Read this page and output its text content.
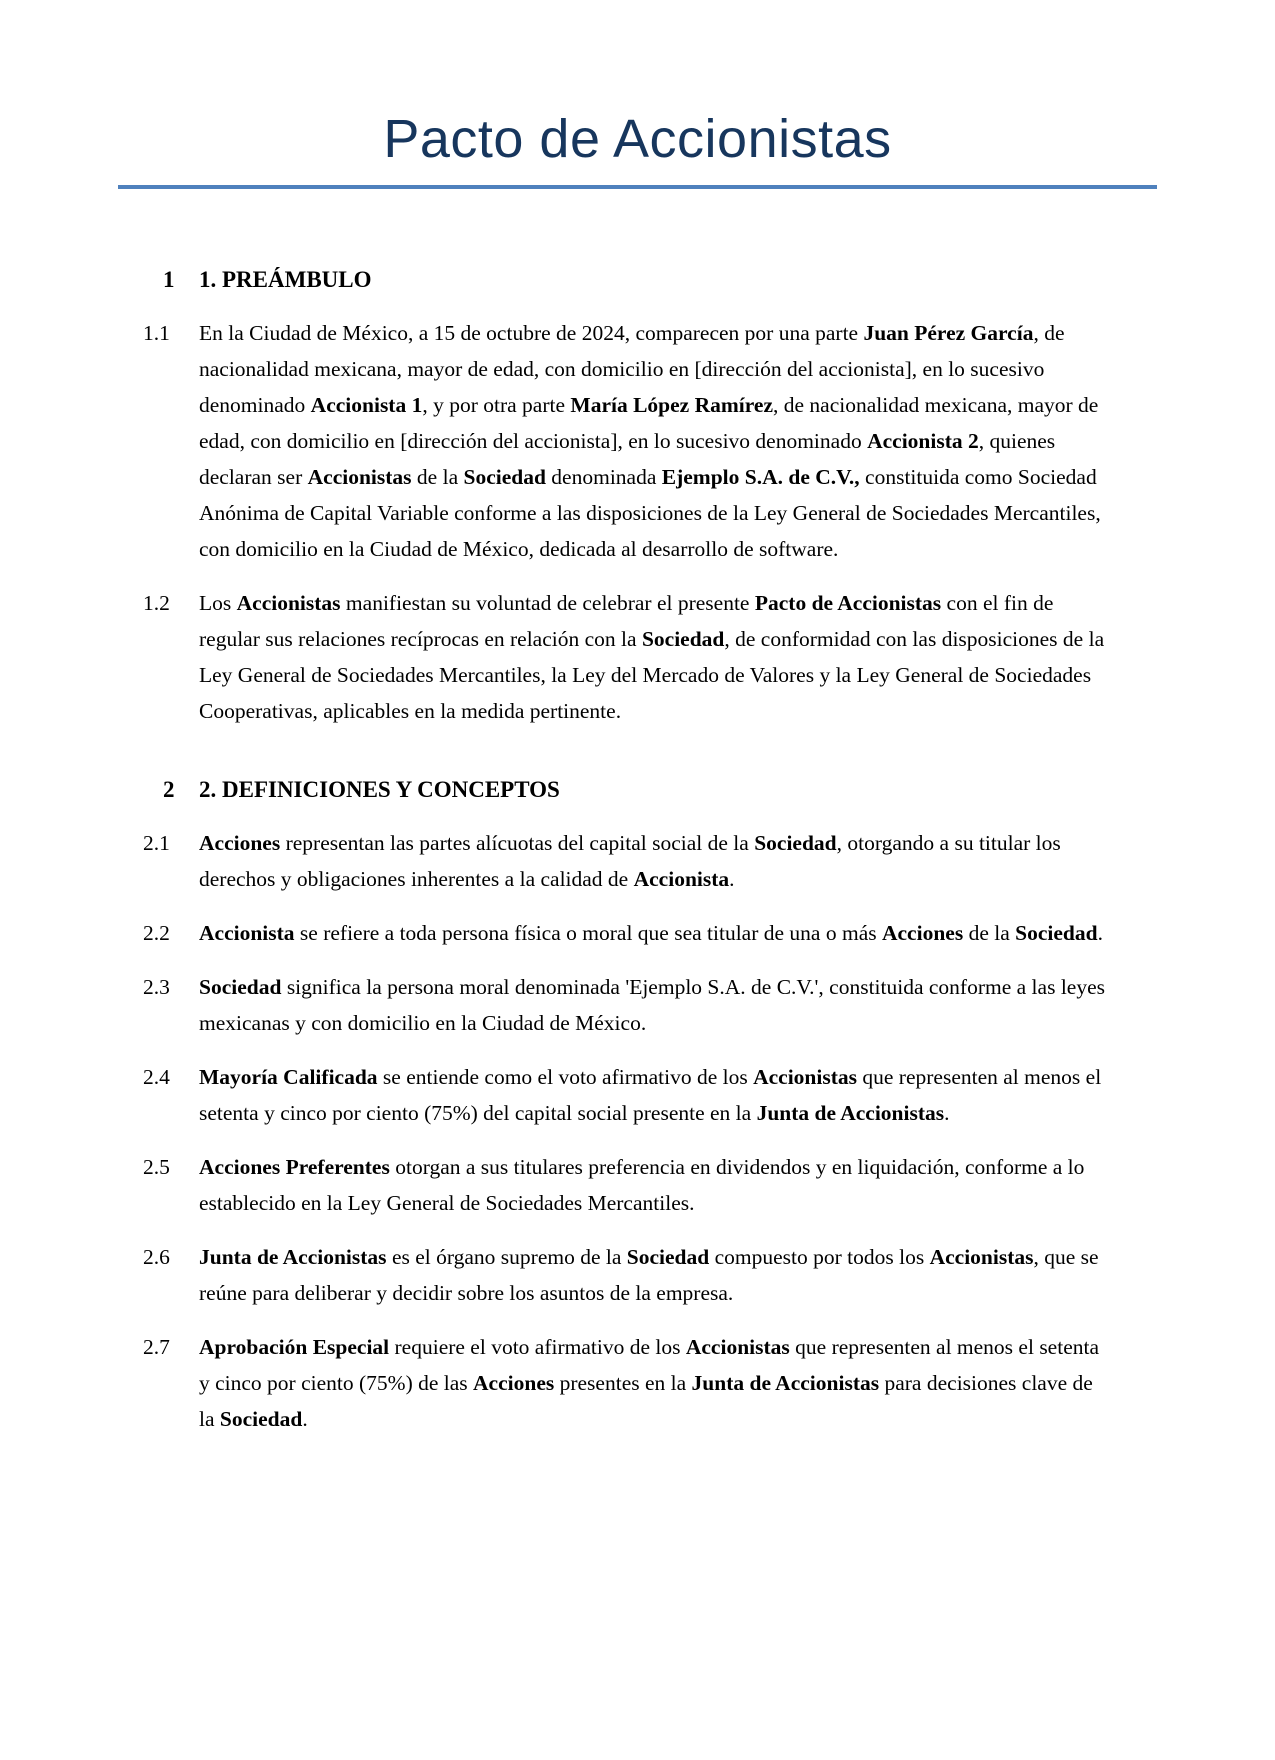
Pacto de Accionistas
1	1. PREÁMBULO
1.1	En la Ciudad de México, a 15 de octubre de 2024, comparecen por una parte Juan Pérez García, de nacionalidad mexicana, mayor de edad, con domicilio en [dirección del accionista], en lo sucesivo denominado Accionista 1, y por otra parte María López Ramírez, de nacionalidad mexicana, mayor de edad, con domicilio en [dirección del accionista], en lo sucesivo denominado Accionista 2, quienes declaran ser Accionistas de la Sociedad denominada Ejemplo S.A. de C.V., constituida como Sociedad Anónima de Capital Variable conforme a las disposiciones de la Ley General de Sociedades Mercantiles, con domicilio en la Ciudad de México, dedicada al desarrollo de software.
1.2	Los Accionistas manifiestan su voluntad de celebrar el presente Pacto de Accionistas con el fin de regular sus relaciones recíprocas en relación con la Sociedad, de conformidad con las disposiciones de la Ley General de Sociedades Mercantiles, la Ley del Mercado de Valores y la Ley General de Sociedades Cooperativas, aplicables en la medida pertinente.
2	2. DEFINICIONES Y CONCEPTOS
2.1	Acciones representan las partes alícuotas del capital social de la Sociedad, otorgando a su titular los derechos y obligaciones inherentes a la calidad de Accionista.
2.2	Accionista se refiere a toda persona física o moral que sea titular de una o más Acciones de la Sociedad.
2.3	Sociedad significa la persona moral denominada 'Ejemplo S.A. de C.V.', constituida conforme a las leyes mexicanas y con domicilio en la Ciudad de México.
2.4	Mayoría Calificada se entiende como el voto afirmativo de los Accionistas que representen al menos el setenta y cinco por ciento (75%) del capital social presente en la Junta de Accionistas.
2.5	Acciones Preferentes otorgan a sus titulares preferencia en dividendos y en liquidación, conforme a lo establecido en la Ley General de Sociedades Mercantiles.
2.6	Junta de Accionistas es el órgano supremo de la Sociedad compuesto por todos los Accionistas, que se reúne para deliberar y decidir sobre los asuntos de la empresa.
2.7	Aprobación Especial requiere el voto afirmativo de los Accionistas que representen al menos el setenta y cinco por ciento (75%) de las Acciones presentes en la Junta de Accionistas para decisiones clave de la Sociedad.
